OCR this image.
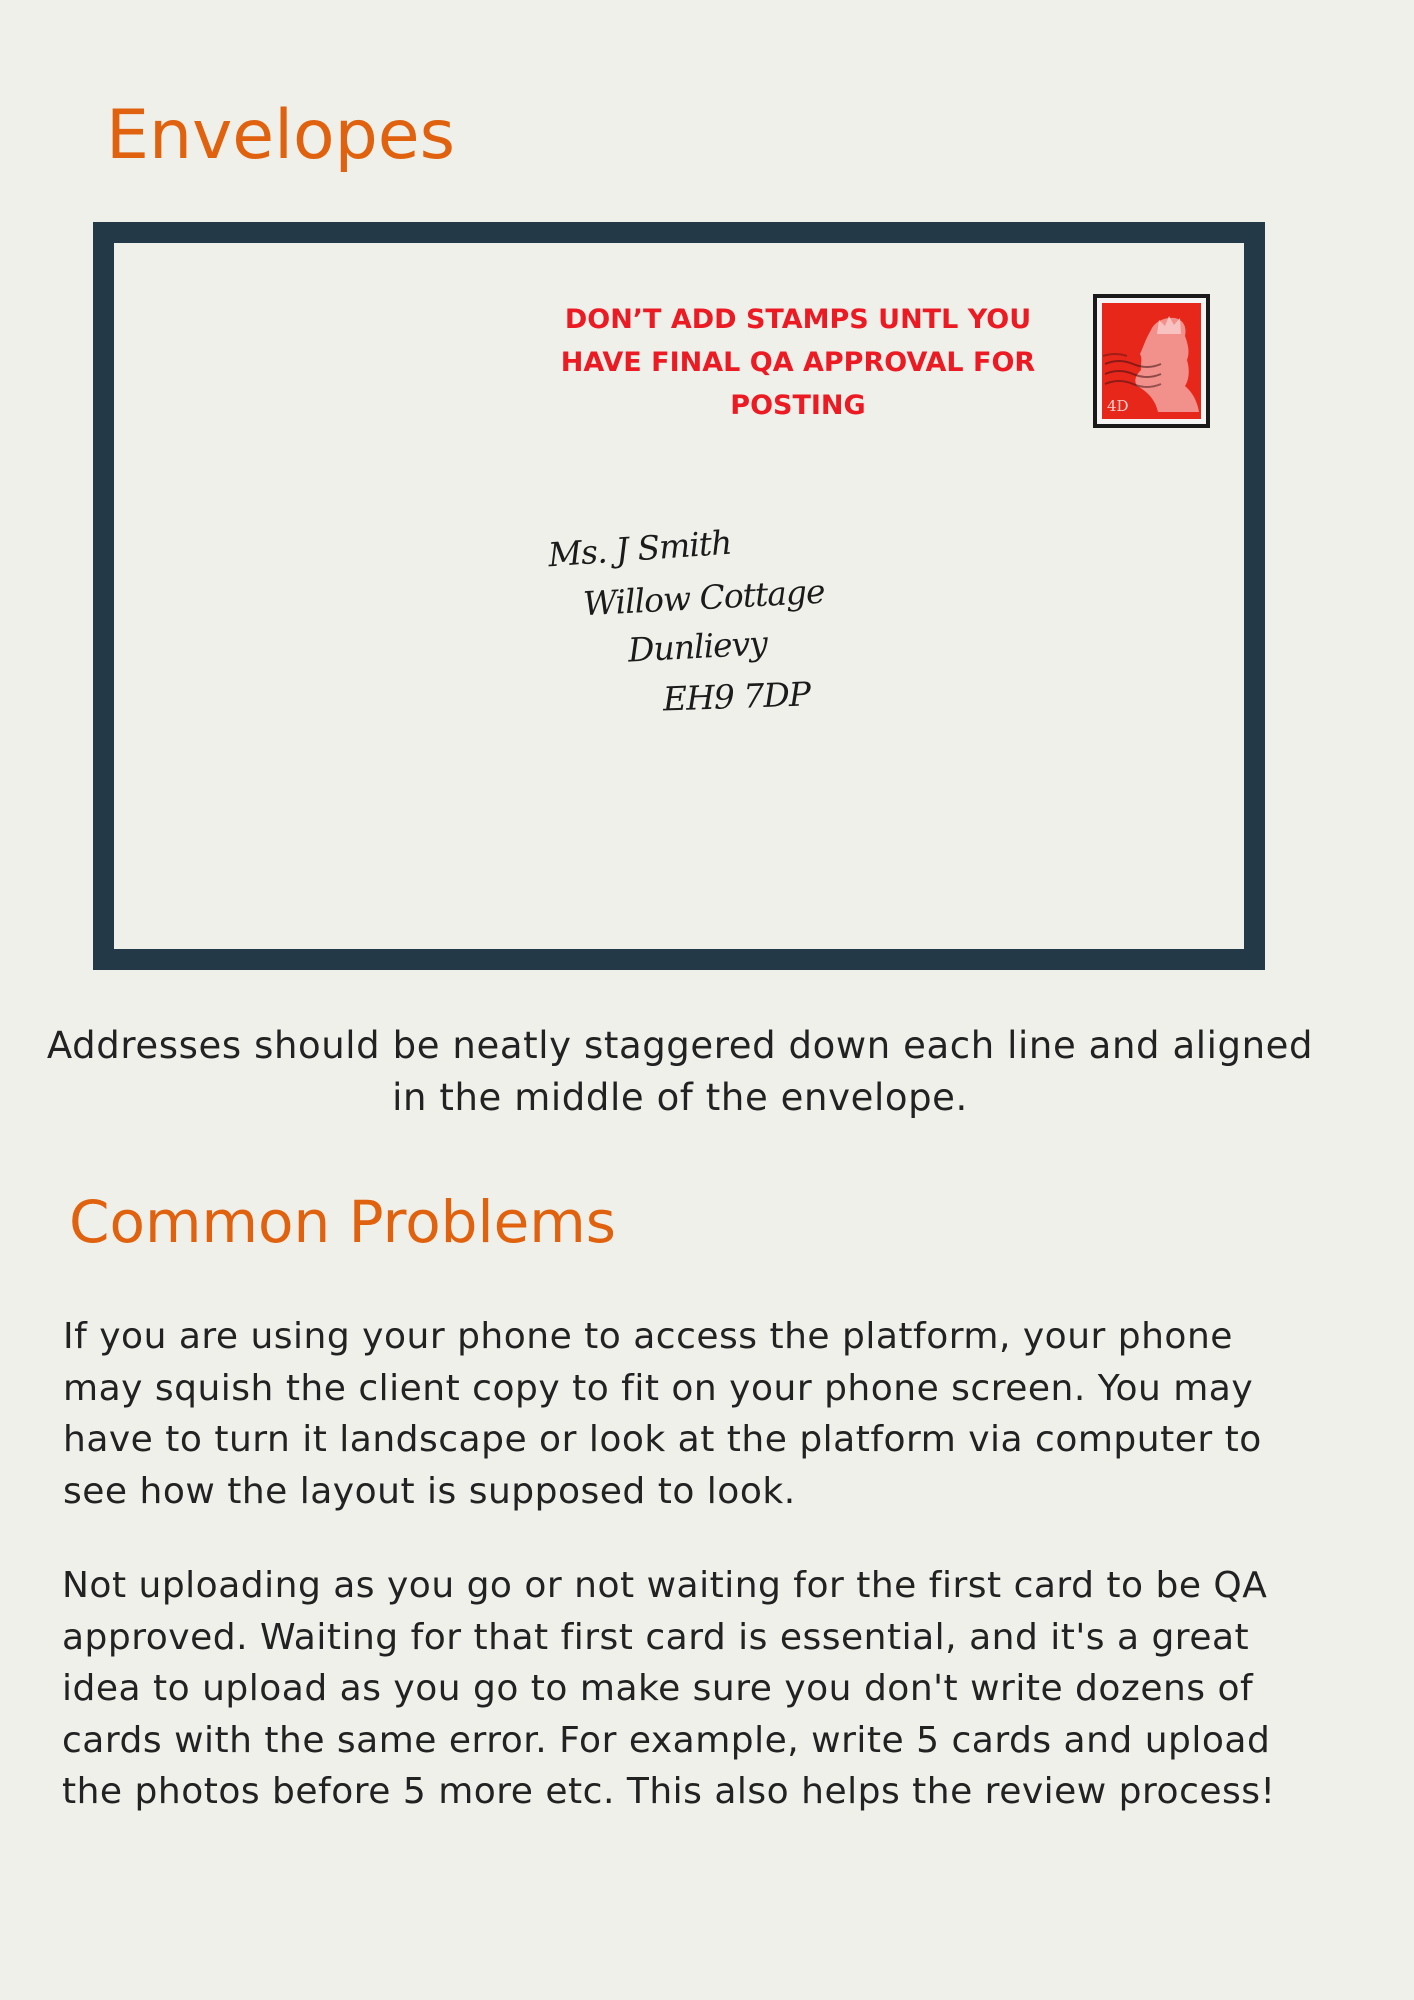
Envelopes
DON’T ADD STAMPS UNTL YOU
HAVE FINAL QA APPROVAL FOR
POSTING	4D
Ms. J Smith
Willow Cottage
Dunlievy
EH9 7DP

Addresses should be neatly staggered down each line and aligned
in the middle of the envelope.

Common Problems

If you are using your phone to access the platform, your phone
may squish the client copy to fit on your phone screen. You may
have to turn it landscape or look at the platform via computer to
see how the layout is supposed to look.

Not uploading as you go or not waiting for the first card to be QA
approved. Waiting for that first card is essential, and it's a great
idea to upload as you go to make sure you don't write dozens of
cards with the same error. For example, write 5 cards and upload
the photos before 5 more etc. This also helps the review process!
